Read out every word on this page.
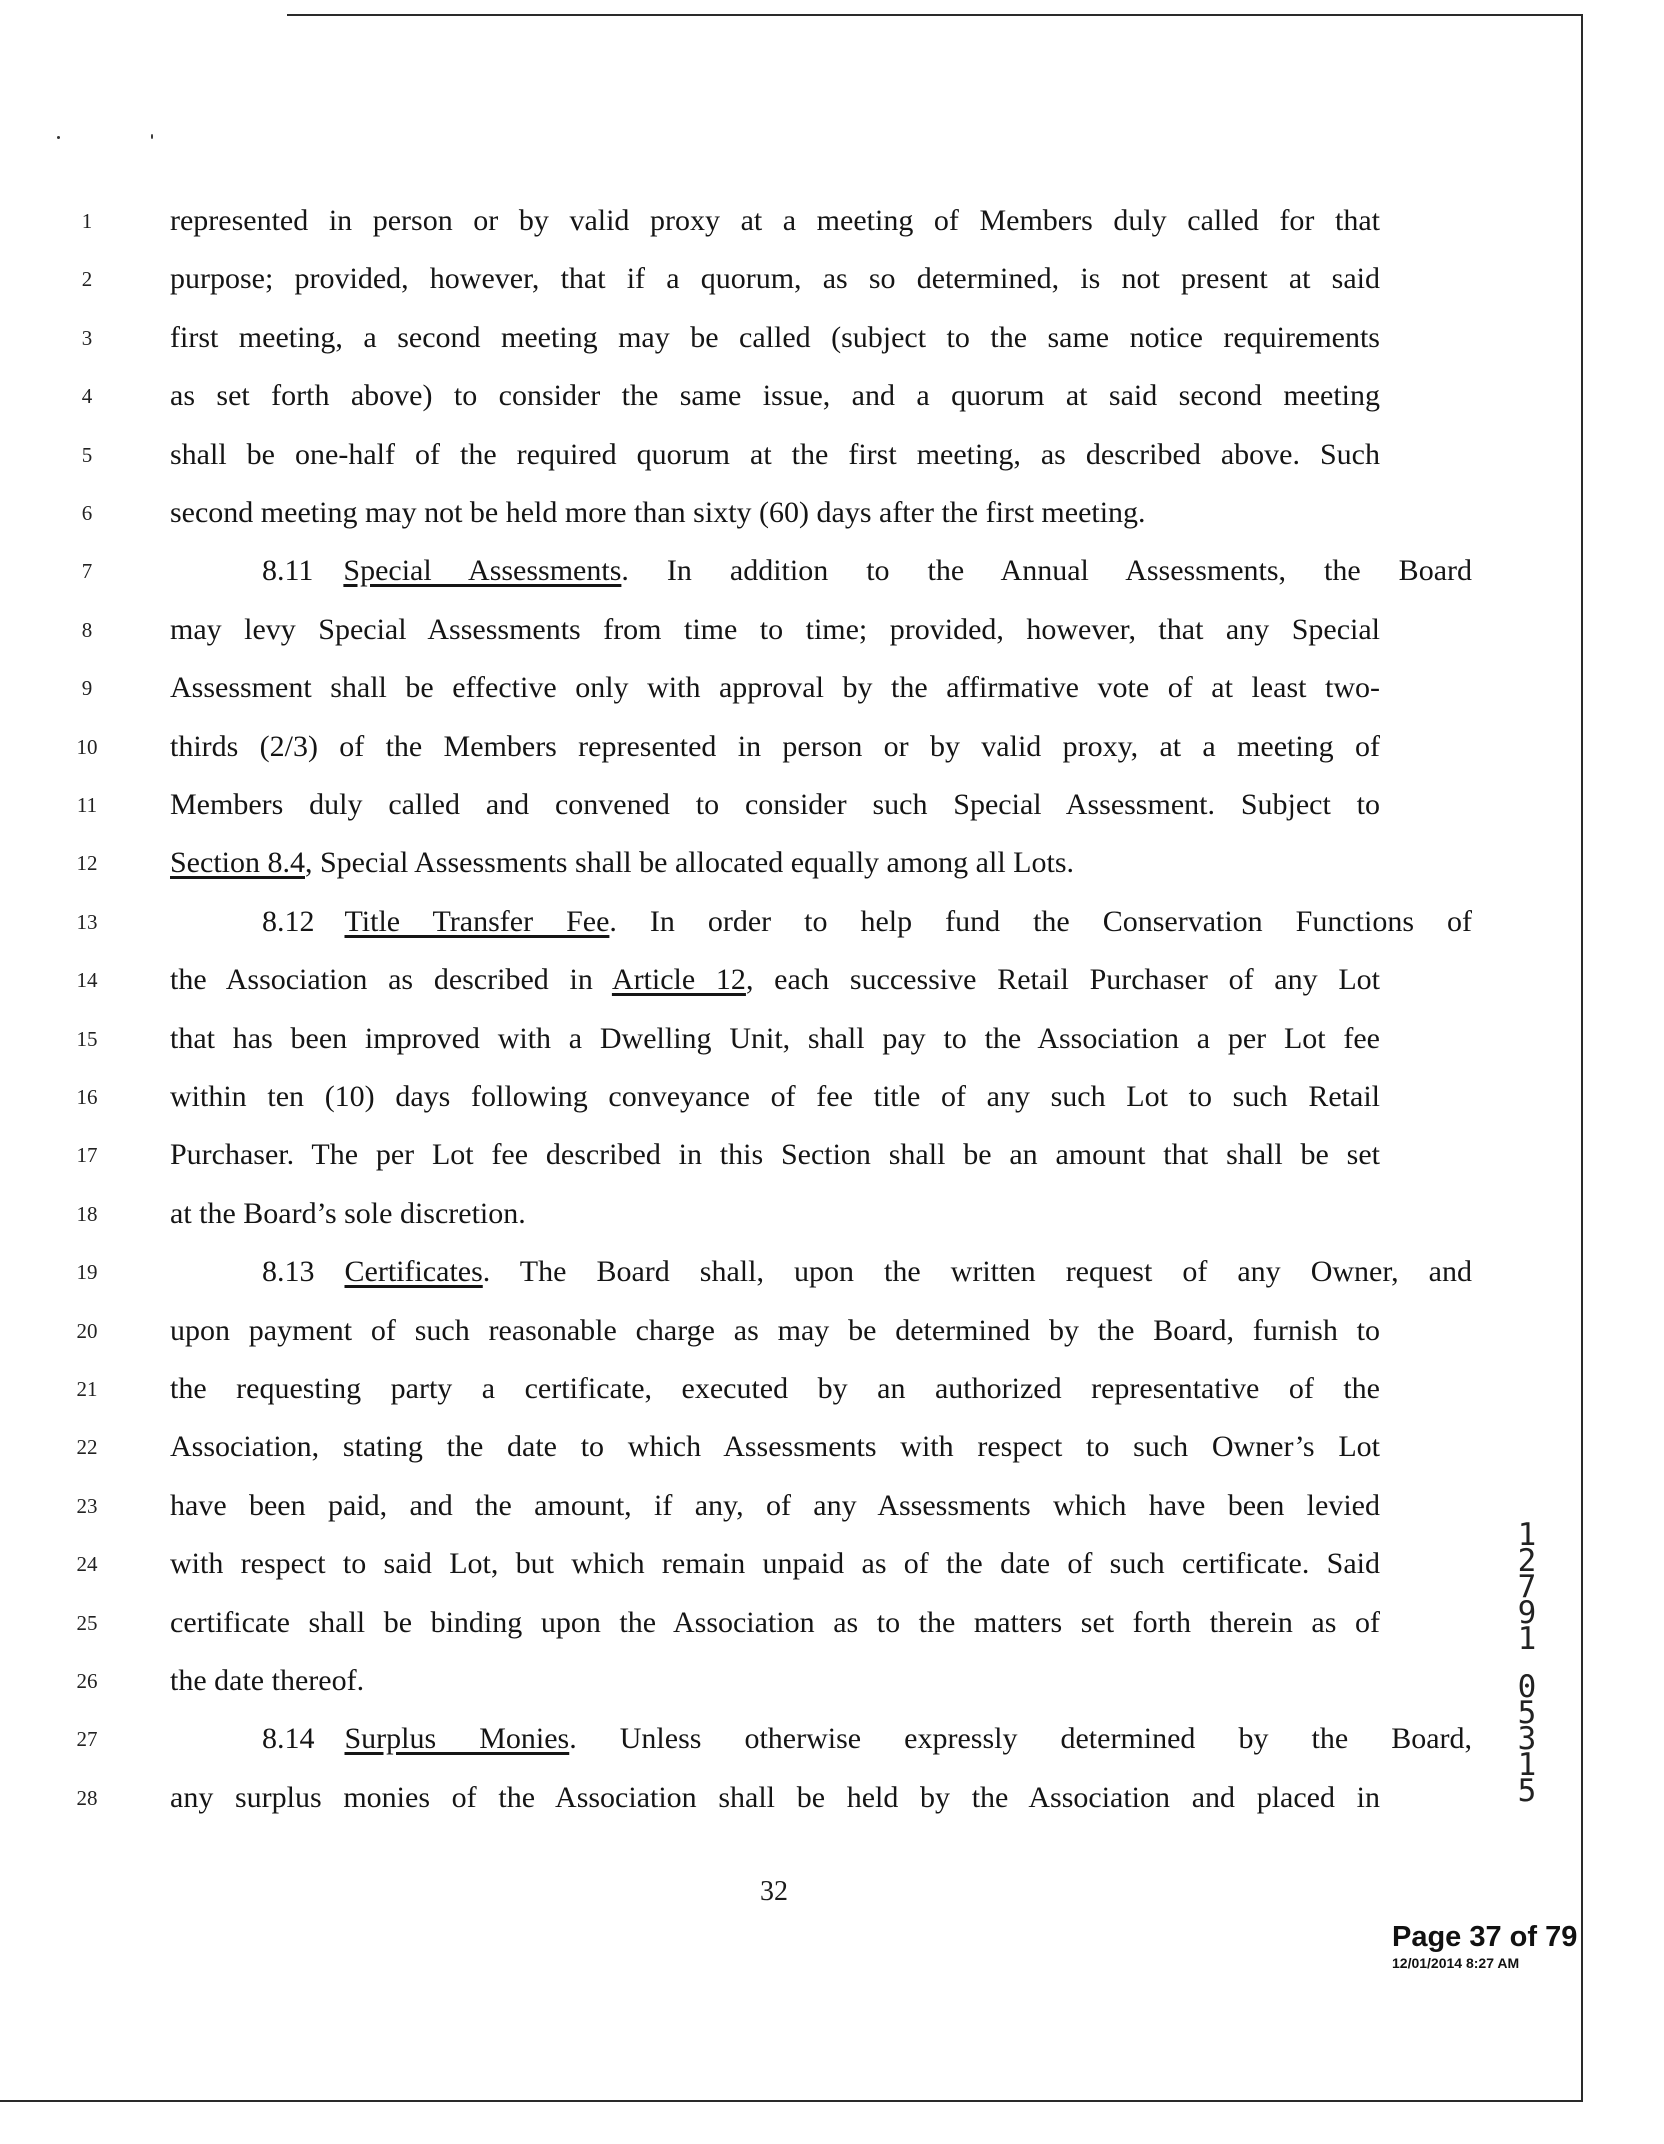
1	represented in person or by valid proxy at a meeting of Members duly called for that
2	purpose; provided, however, that if a quorum, as so determined, is not present at said
3	first meeting, a second meeting may be called (subject to the same notice requirements
4	as set forth above) to consider the same issue, and a quorum at said second meeting
5	shall be one-half of the required quorum at the first meeting, as described above. Such
6	second meeting may not be held more than sixty (60) days after the first meeting.
7	8.11 Special Assessments. In addition to the Annual Assessments, the Board
8	may levy Special Assessments from time to time; provided, however, that any Special
9	Assessment shall be effective only with approval by the affirmative vote of at least two-
10	thirds (2/3) of the Members represented in person or by valid proxy, at a meeting of
11	Members duly called and convened to consider such Special Assessment. Subject to
12	Section 8.4, Special Assessments shall be allocated equally among all Lots.
13	8.12 Title Transfer Fee. In order to help fund the Conservation Functions of
14	the Association as described in Article 12, each successive Retail Purchaser of any Lot
15	that has been improved with a Dwelling Unit, shall pay to the Association a per Lot fee
16	within ten (10) days following conveyance of fee title of any such Lot to such Retail
17	Purchaser. The per Lot fee described in this Section shall be an amount that shall be set
18	at the Board’s sole discretion.
19	8.13 Certificates. The Board shall, upon the written request of any Owner, and
20	upon payment of such reasonable charge as may be determined by the Board, furnish to
21	the requesting party a certificate, executed by an authorized representative of the
22	Association, stating the date to which Assessments with respect to such Owner’s Lot
23	have been paid, and the amount, if any, of any Assessments which have been levied
24	with respect to said Lot, but which remain unpaid as of the date of such certificate. Said
25	certificate shall be binding upon the Association as to the matters set forth therein as of
26	the date thereof.
27	8.14 Surplus Monies. Unless otherwise expressly determined by the Board,
28	any surplus monies of the Association shall be held by the Association and placed in
32
Page 37 of 79
12/01/2014 8:27 AM
1
2
7
9
1
0
5
3
1
5
